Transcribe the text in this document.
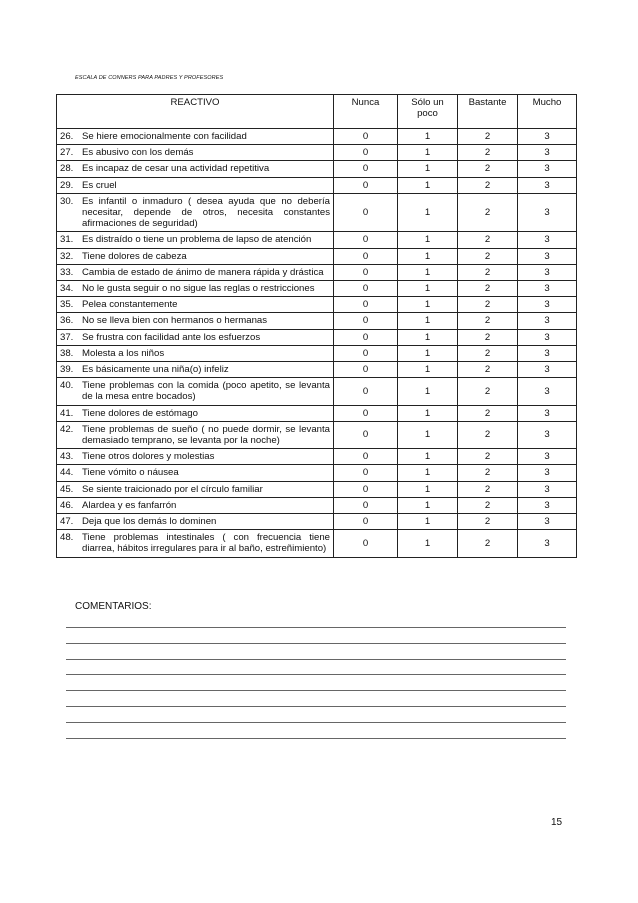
ESCALA DE CONNERS PARA PADRES Y PROFESORES
REACTIVO	Nunca	Sólo un poco	Bastante	Mucho

26. Se hiere emocionalmente con facilidad	0	1	2	3

27. Es abusivo con los demás	0	1	2	3

28. Es incapaz de cesar una actividad repetitiva	0	1	2	3

29. Es cruel	0	1	2	3

30. Es infantil o inmaduro ( desea ayuda que no debería necesitar, depende de otros, necesita constantes afirmaciones de seguridad)	0	1	2	3

31. Es distraído o tiene un problema de lapso de atención	0	1	2	3

32. Tiene dolores de cabeza	0	1	2	3

33. Cambia de estado de ánimo de manera rápida y drástica	0	1	2	3

34. No le gusta seguir o no sigue las reglas o restricciones	0	1	2	3

35. Pelea constantemente	0	1	2	3

36. No se lleva bien con hermanos o hermanas	0	1	2	3

37. Se frustra con facilidad ante los esfuerzos	0	1	2	3

38. Molesta a los niños	0	1	2	3

39. Es básicamente una niña(o) infeliz	0	1	2	3

40. Tiene problemas con la comida (poco apetito, se levanta de la mesa entre bocados)	0	1	2	3

41. Tiene dolores de estómago	0	1	2	3

42. Tiene problemas de sueño ( no puede dormir, se levanta demasiado temprano, se levanta por la noche)	0	1	2	3

43. Tiene otros dolores y molestias	0	1	2	3

44. Tiene vómito o náusea	0	1	2	3

45. Se siente traicionado por el círculo familiar	0	1	2	3

46. Alardea y es fanfarrón	0	1	2	3

47. Deja que los demás lo dominen	0	1	2	3

48. Tiene problemas intestinales ( con frecuencia tiene diarrea, hábitos irregulares para ir al baño, estreñimiento)	0	1	2	3
COMENTARIOS:
15
